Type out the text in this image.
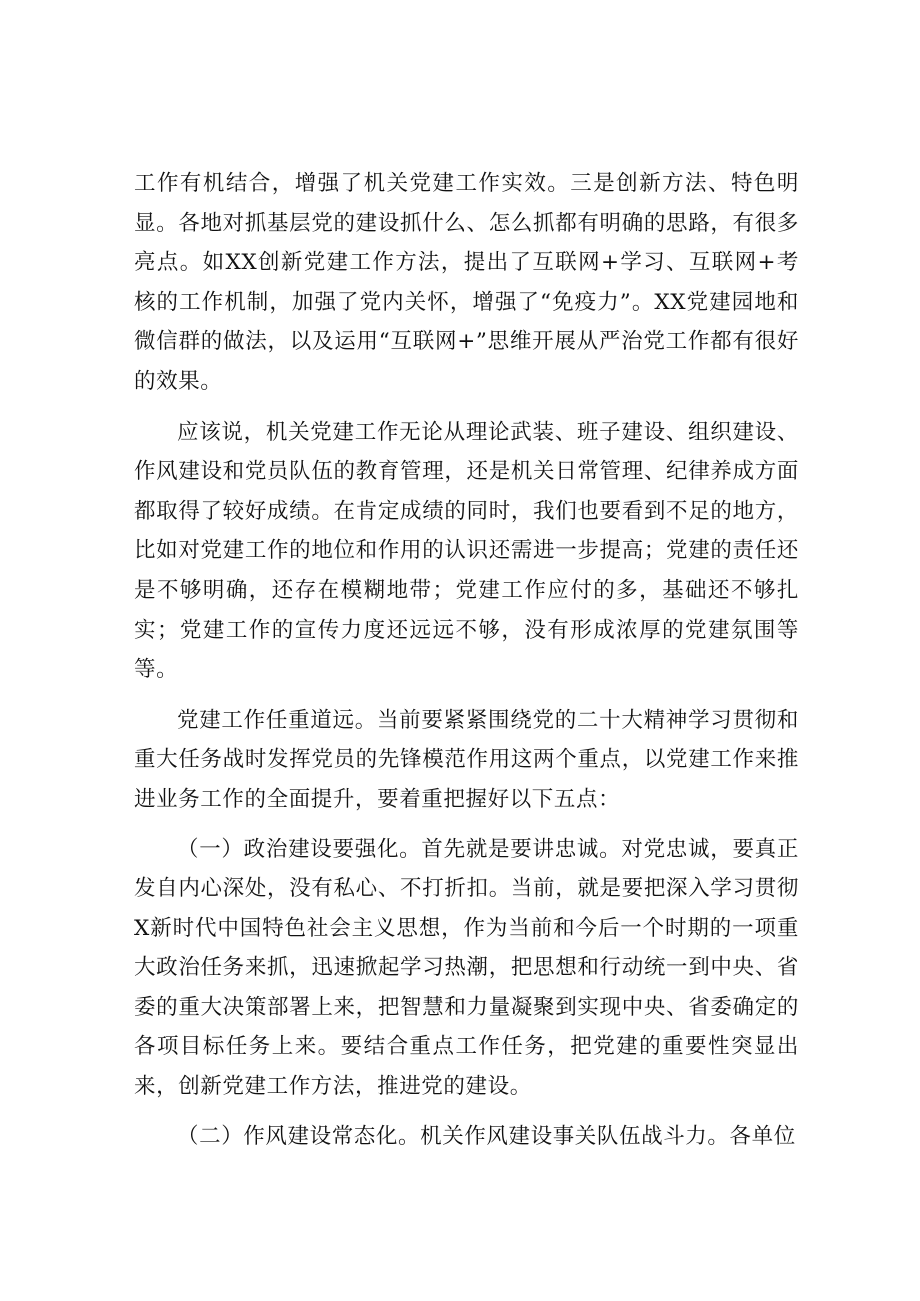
工作有机结合，增强了机关党建工作实效。三是创新方法、特色明显。各地对抓基层党的建设抓什么、怎么抓都有明确的思路，有很多亮点。如XX创新党建工作方法，提出了互联网+学习、互联网+考核的工作机制，加强了党内关怀，增强了“免疫力”。XX党建园地和微信群的做法，以及运用“互联网+”思维开展从严治党工作都有很好的效果。

应该说，机关党建工作无论从理论武装、班子建设、组织建设、作风建设和党员队伍的教育管理，还是机关日常管理、纪律养成方面都取得了较好成绩。在肯定成绩的同时，我们也要看到不足的地方，比如对党建工作的地位和作用的认识还需进一步提高；党建的责任还是不够明确，还存在模糊地带；党建工作应付的多，基础还不够扎实；党建工作的宣传力度还远远不够，没有形成浓厚的党建氛围等等。

党建工作任重道远。当前要紧紧围绕党的二十大精神学习贯彻和重大任务战时发挥党员的先锋模范作用这两个重点，以党建工作来推进业务工作的全面提升，要着重把握好以下五点：

（一）政治建设要强化。首先就是要讲忠诚。对党忠诚，要真正发自内心深处，没有私心、不打折扣。当前，就是要把深入学习贯彻X新时代中国特色社会主义思想，作为当前和今后一个时期的一项重大政治任务来抓，迅速掀起学习热潮，把思想和行动统一到中央、省委的重大决策部署上来，把智慧和力量凝聚到实现中央、省委确定的各项目标任务上来。要结合重点工作任务，把党建的重要性突显出来，创新党建工作方法，推进党的建设。

（二）作风建设常态化。机关作风建设事关队伍战斗力。各单位
